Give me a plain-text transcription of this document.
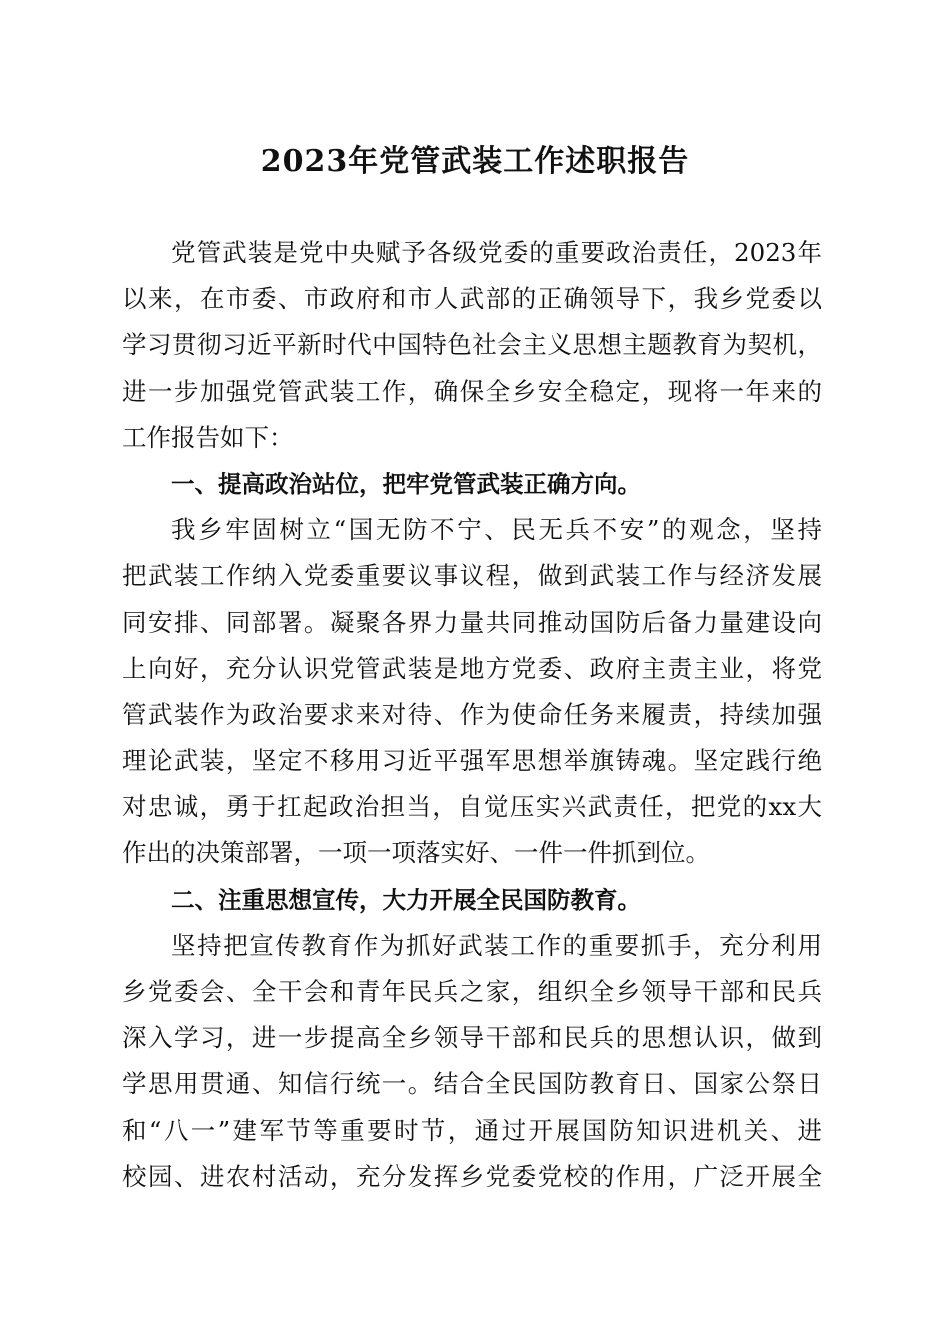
2023年党管武装工作述职报告
党管武装是党中央赋予各级党委的重要政治责任，2023年
以来，在市委、市政府和市人武部的正确领导下，我乡党委以
学习贯彻习近平新时代中国特色社会主义思想主题教育为契机，
进一步加强党管武装工作，确保全乡安全稳定，现将一年来的
工作报告如下：
一、提高政治站位，把牢党管武装正确方向。
我乡牢固树立“国无防不宁、民无兵不安”的观念，坚持
把武装工作纳入党委重要议事议程，做到武装工作与经济发展
同安排、同部署。凝聚各界力量共同推动国防后备力量建设向
上向好，充分认识党管武装是地方党委、政府主责主业，将党
管武装作为政治要求来对待、作为使命任务来履责，持续加强
理论武装，坚定不移用习近平强军思想举旗铸魂。坚定践行绝
对忠诚，勇于扛起政治担当，自觉压实兴武责任，把党的xx大
作出的决策部署，一项一项落实好、一件一件抓到位。
二、注重思想宣传，大力开展全民国防教育。
坚持把宣传教育作为抓好武装工作的重要抓手，充分利用
乡党委会、全干会和青年民兵之家，组织全乡领导干部和民兵
深入学习，进一步提高全乡领导干部和民兵的思想认识，做到
学思用贯通、知信行统一。结合全民国防教育日、国家公祭日
和“八一”建军节等重要时节，通过开展国防知识进机关、进
校园、进农村活动，充分发挥乡党委党校的作用，广泛开展全
